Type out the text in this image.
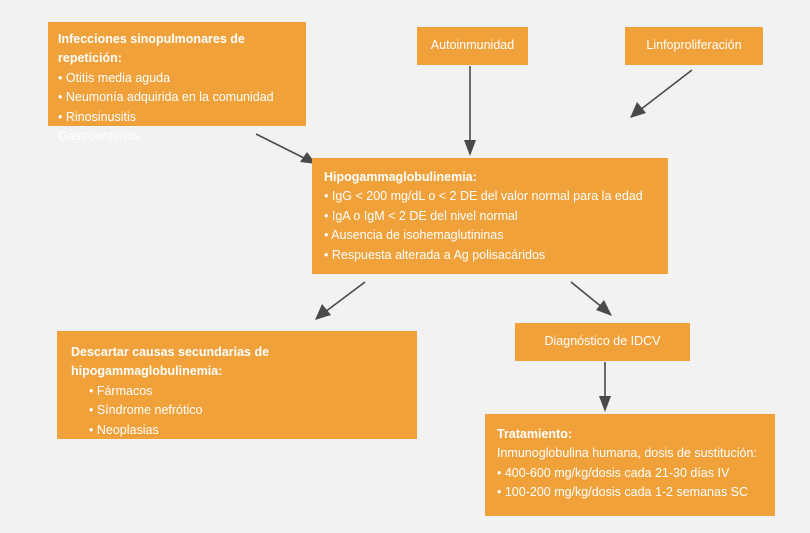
Infecciones sinopulmonares de repetición:
• Otitis media aguda
• Neumonía adquirida en la comunidad
• Rinosinusitis
Gastroenteritis
Autoinmunidad	Linfoproliferación
Hipogammaglobulinemia:
• IgG < 200 mg/dL o < 2 DE del valor normal para la edad
• IgA o IgM < 2 DE del nivel normal
• Ausencia de isohemaglutininas
• Respuesta alterada a Ag polisacáridos
Descartar causas secundarias de hipogammaglobulinemia:
• Fármacos
• Síndrome nefrótico
• Neoplasias
Diagnóstico de IDCV
Tratamiento:
Inmunoglobulina humana, dosis de sustitución:
• 400-600 mg/kg/dosis cada 21-30 días IV
• 100-200 mg/kg/dosis cada 1-2 semanas SC
